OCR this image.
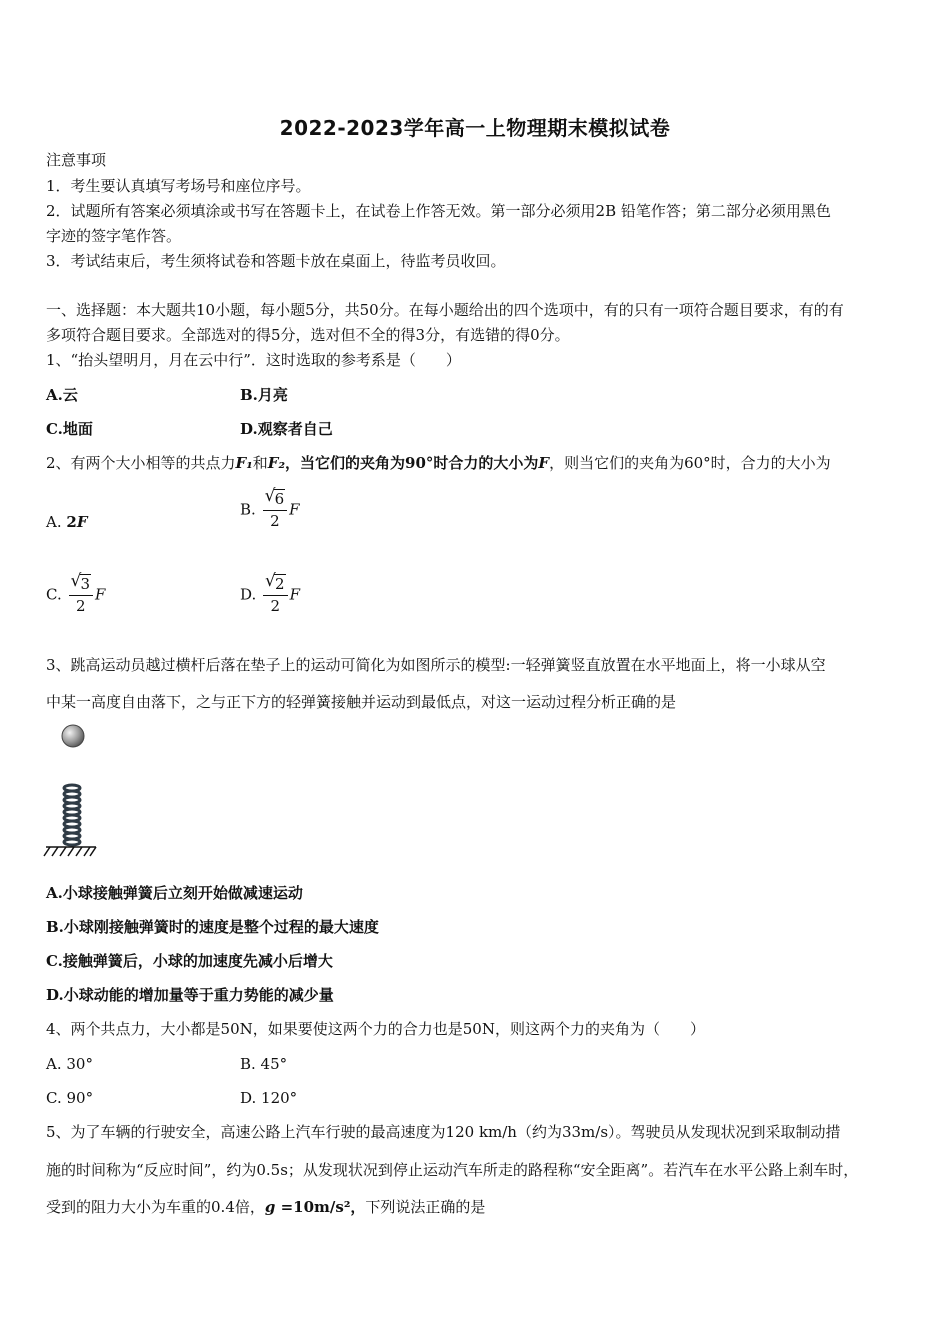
2022-2023学年高一上物理期末模拟试卷
注意事项
1．考生要认真填写考场号和座位序号。
2．试题所有答案必须填涂或书写在答题卡上，在试卷上作答无效。第一部分必须用2B 铅笔作答；第二部分必须用黑色
字迹的签字笔作答。
3．考试结束后，考生须将试卷和答题卡放在桌面上，待监考员收回。
一、选择题：本大题共10小题，每小题5分，共50分。在每小题给出的四个选项中，有的只有一项符合题目要求，有的有
多项符合题目要求。全部选对的得5分，选对但不全的得3分，有选错的得0分。
1、“抬头望明月，月在云中行”．这时选取的参考系是（　　）
A.云	B.月亮
C.地面	D.观察者自己
2、有两个大小相等的共点力F₁和F₂，当它们的夹角为90°时合力的大小为F，则当它们的夹角为60°时，合力的大小为
A. 2F
B. $\frac{√ 6}{2}$ F
C. $\frac{√ 3}{2}$ F	D. $\frac{√ 2}{2}$ F
3、跳高运动员越过横杆后落在垫子上的运动可简化为如图所示的模型:一轻弹簧竖直放置在水平地面上，将一小球从空
中某一高度自由落下，之与正下方的轻弹簧接触并运动到最低点，对这一运动过程分析正确的是
A.小球接触弹簧后立刻开始做减速运动
B.小球刚接触弹簧时的速度是整个过程的最大速度
C.接触弹簧后，小球的加速度先减小后增大
D.小球动能的增加量等于重力势能的减少量
4、两个共点力，大小都是50N，如果要使这两个力的合力也是50N，则这两个力的夹角为（　　）
A. 30°	B. 45°
C. 90°	D. 120°
5、为了车辆的行驶安全，高速公路上汽车行驶的最高速度为120 km/h（约为33m/s）。驾驶员从发现状况到采取制动措
施的时间称为“反应时间”，约为0.5s；从发现状况到停止运动汽车所走的路程称“安全距离”。若汽车在水平公路上刹车时，
受到的阻力大小为车重的0.4倍，g =10m/s²，下列说法正确的是
